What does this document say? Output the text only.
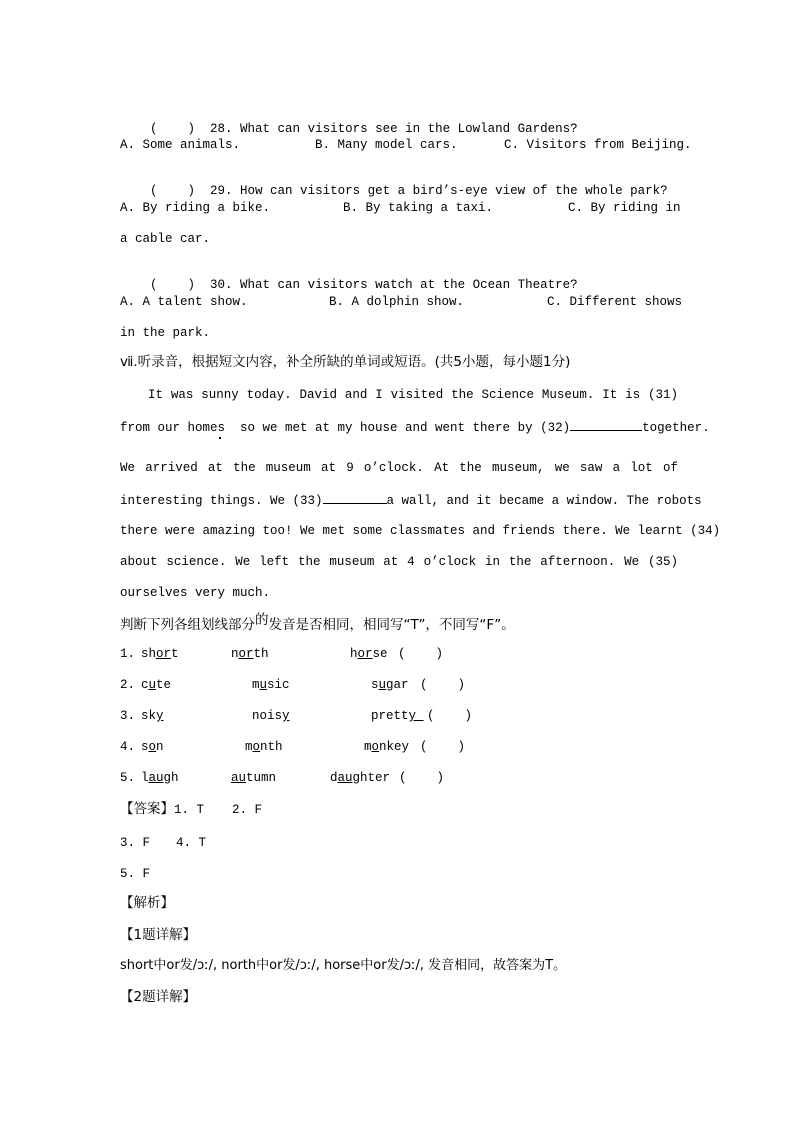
(    ) 28. What can visitors see in the Lowland Gardens?

A. Some animals.	B. Many model cars.	C. Visitors from Beijing.

(    ) 29. How can visitors get a bird’s-eye view of the whole park?

A. By riding a bike.	B. By taking a taxi.	C. By riding in
a cable car.

(    ) 30. What can visitors watch at the Ocean Theatre?

A. A talent show.	B. A dolphin show.	C. Different shows
in the park.
ⅶ.听录音，根据短文内容，补全所缺的单词或短语。(共5小题，每小题1分)
It was sunny today. David and I visited the Science Museum. It is (31)
from our homes  so we met at my house and went there by (32)	together.
We arrived at the museum at 9 o’clock. At the museum, we saw a lot of
interesting things. We (33)	a wall, and it became a window. The robots
there were amazing too! We met some classmates and friends there. We learnt (34)
about science. We left the museum at 4 o’clock in the afternoon. We (35)
ourselves very much.
判断下列各组划线部分的发音是否相同，相同写“T”，不同写“F”。
1. short	north	horse (    )
2. cute	music	sugar (    )
3. sky	noisy	pretty (    )
4. son	month	monkey (    )
5. laugh	autumn	daughter (    )
【答案】1. T 2. F
3. F 4. T
5. F
【解析】
【1题详解】
short中or发/ɔː/, north中or发/ɔː/, horse中or发/ɔː/, 发音相同，故答案为T。
【2题详解】
